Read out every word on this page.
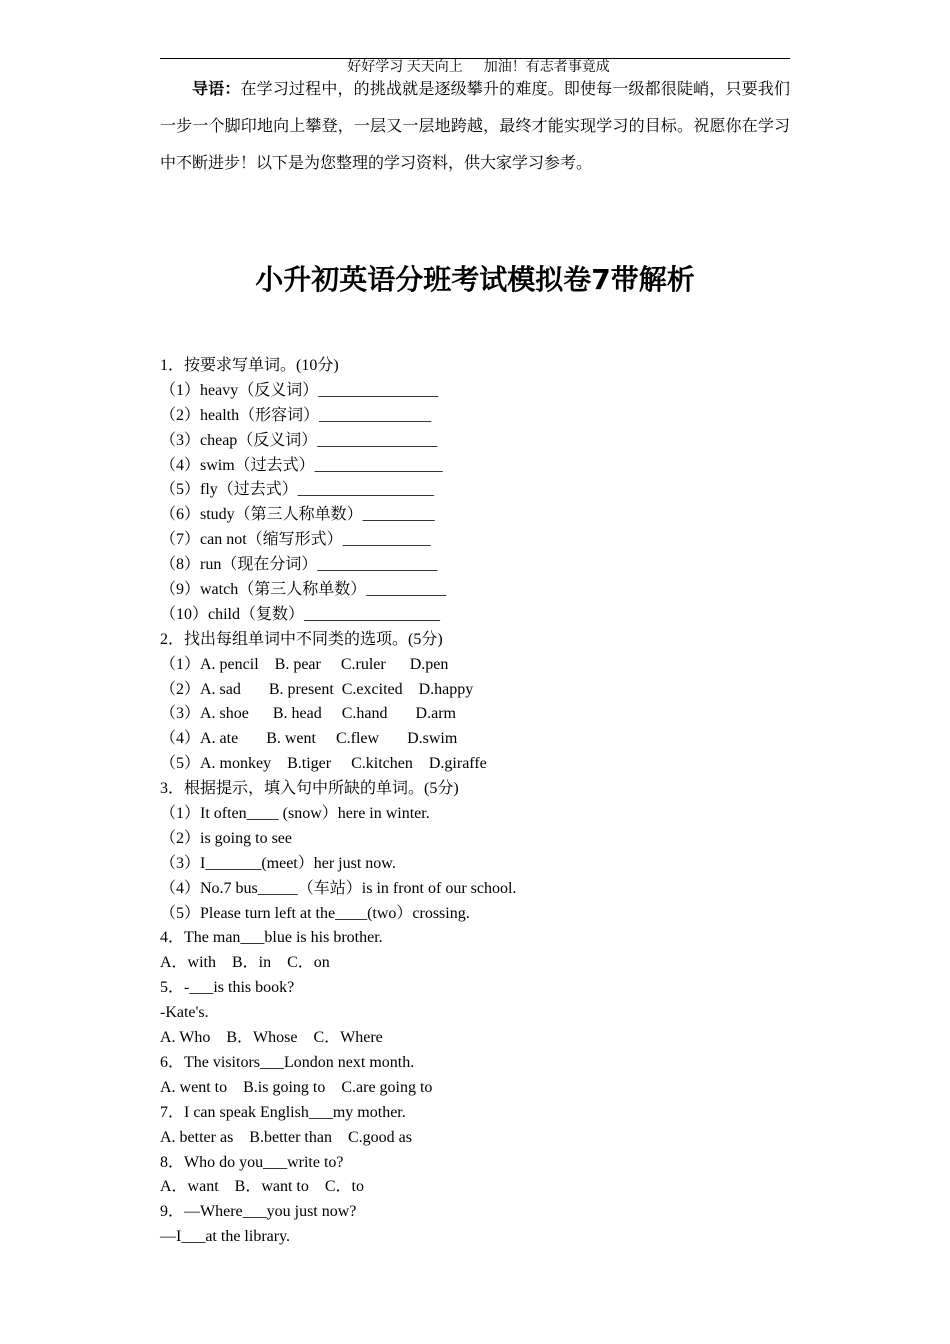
好好学习 天天向上      加油！有志者事竟成

导语：在学习过程中，的挑战就是逐级攀升的难度。即使每一级都很陡峭，只要我们一步一个脚印地向上攀登，一层又一层地跨越，最终才能实现学习的目标。祝愿你在学习中不断进步！以下是为您整理的学习资料，供大家学习参考。
小升初英语分班考试模拟卷7带解析
1．按要求写单词。(10分)
（1）heavy（反义词）_______________
（2）health（形容词）______________
（3）cheap（反义词）_______________
（4）swim（过去式）________________
（5）fly（过去式）_________________
（6）study（第三人称单数）_________
（7）can not（缩写形式）___________
（8）run（现在分词）_______________
（9）watch（第三人称单数）__________
（10）child（复数）_________________
2．找出每组单词中不同类的选项。(5分)
（1）A. pencil    B. pear     C.ruler      D.pen
（2）A. sad       B. present  C.excited    D.happy
（3）A. shoe      B. head     C.hand       D.arm
（4）A. ate       B. went     C.flew       D.swim
（5）A. monkey    B.tiger     C.kitchen    D.giraffe
3．根据提示，填入句中所缺的单词。(5分)
（1）It often____ (snow）here in winter.
（2）is going to see
（3）I_______(meet）her just now.
（4）No.7 bus_____（车站）is in front of our school.
（5）Please turn left at the____(two）crossing.
4．The man___blue is his brother.
A．with    B．in    C．on
5．-___is this book?
-Kate's.
A. Who    B．Whose    C．Where
6．The visitors___London next month.
A. went to    B.is going to    C.are going to
7．I can speak English___my mother.
A. better as    B.better than    C.good as
8．Who do you___write to?
A．want    B．want to    C．to
9．—Where___you just now?
—I___at the library.
